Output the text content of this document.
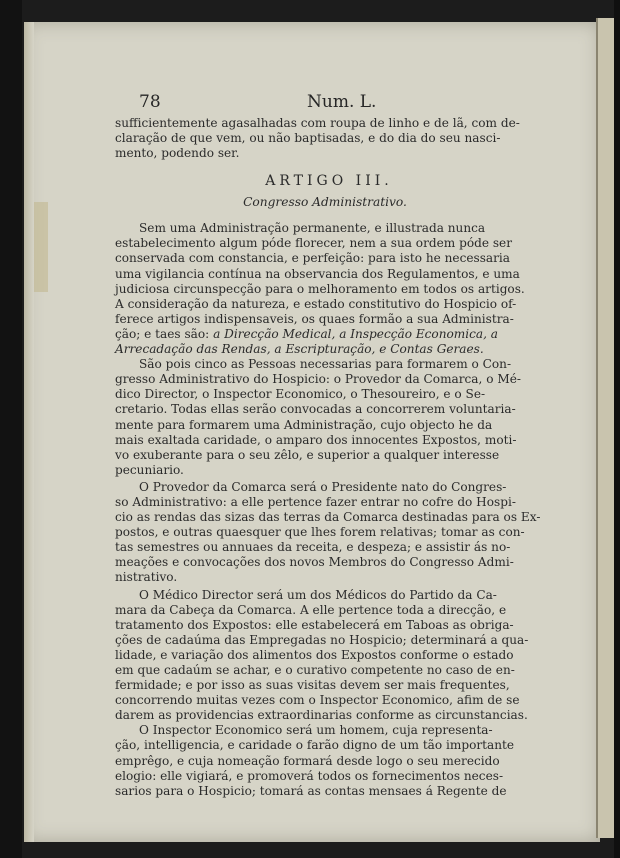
78	Num. L.
sufficientemente agasalhadas com roupa de linho e de lã, com de-
claração de que vem, ou não baptisadas, e do dia do seu nasci-
mento, podendo ser.
ARTIGO III.
Congresso Administrativo.
Sem uma Administração permanente, e illustrada nunca
estabelecimento algum póde florecer, nem a sua ordem póde ser
conservada com constancia, e perfeição: para isto he necessaria
uma vigilancia contínua na observancia dos Regulamentos, e uma
judiciosa circunspecção para o melhoramento em todos os artigos.
A consideração da natureza, e estado constitutivo do Hospicio of-
ferece artigos indispensaveis, os quaes formão a sua Administra-
ção; e taes são: a Direcção Medical, a Inspecção Economica, a
Arrecadação das Rendas, a Escripturação, e Contas Geraes.
São pois cinco as Pessoas necessarias para formarem o Con-
gresso Administrativo do Hospicio: o Provedor da Comarca, o Mé-
dico Director, o Inspector Economico, o Thesoureiro, e o Se-
cretario. Todas ellas serão convocadas a concorrerem voluntaria-
mente para formarem uma Administração, cujo objecto he da
mais exaltada caridade, o amparo dos innocentes Expostos, moti-
vo exuberante para o seu zêlo, e superior a qualquer interesse
pecuniario.
O Provedor da Comarca será o Presidente nato do Congres-
so Administrativo: a elle pertence fazer entrar no cofre do Hospi-
cio as rendas das sizas das terras da Comarca destinadas para os Ex-
postos, e outras quaesquer que lhes forem relativas; tomar as con-
tas semestres ou annuaes da receita, e despeza; e assistir ás no-
meações e convocações dos novos Membros do Congresso Admi-
nistrativo.
O Médico Director será um dos Médicos do Partido da Ca-
mara da Cabeça da Comarca. A elle pertence toda a direcção, e
tratamento dos Expostos: elle estabelecerá em Taboas as obriga-
ções de cadaúma das Empregadas no Hospicio; determinará a qua-
lidade, e variação dos alimentos dos Expostos conforme o estado
em que cadaúm se achar, e o curativo competente no caso de en-
fermidade; e por isso as suas visitas devem ser mais frequentes,
concorrendo muitas vezes com o Inspector Economico, afim de se
darem as providencias extraordinarias conforme as circunstancias.
O Inspector Economico será um homem, cuja representa-
ção, intelligencia, e caridade o farão digno de um tão importante
emprêgo, e cuja nomeação formará desde logo o seu merecido
elogio: elle vigiará, e promoverá todos os fornecimentos neces-
sarios para o Hospicio; tomará as contas mensaes á Regente de
